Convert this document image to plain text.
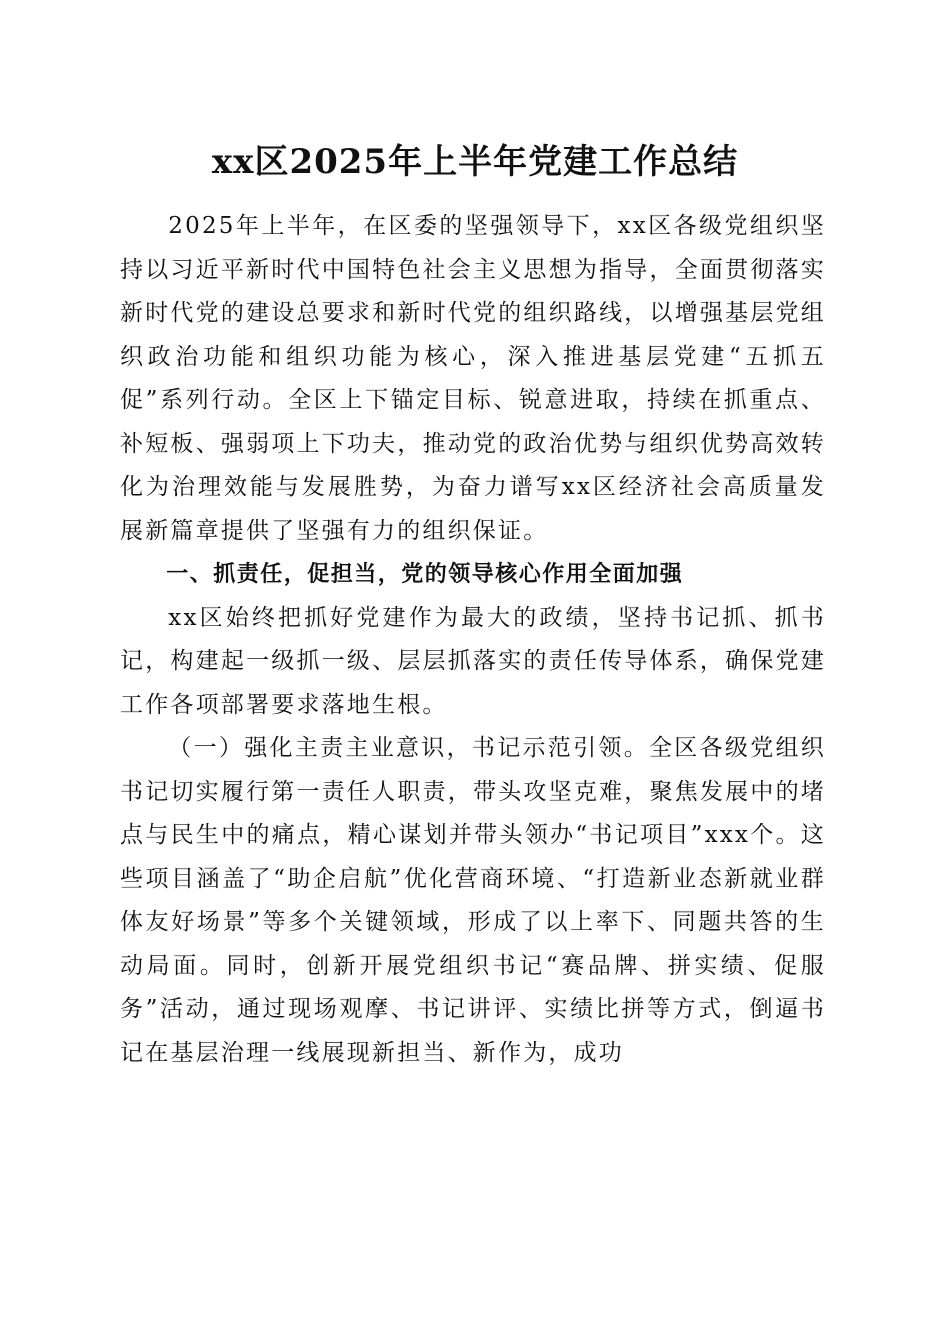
xx区2025年上半年党建工作总结

2025年上半年，在区委的坚强领导下，xx区各级党组织坚持以习近平新时代中国特色社会主义思想为指导，全面贯彻落实新时代党的建设总要求和新时代党的组织路线，以增强基层党组织政治功能和组织功能为核心，深入推进基层党建“五抓五促”系列行动。全区上下锚定目标、锐意进取，持续在抓重点、补短板、强弱项上下功夫，推动党的政治优势与组织优势高效转化为治理效能与发展胜势，为奋力谱写xx区经济社会高质量发展新篇章提供了坚强有力的组织保证。

一、抓责任，促担当，党的领导核心作用全面加强

xx区始终把抓好党建作为最大的政绩，坚持书记抓、抓书记，构建起一级抓一级、层层抓落实的责任传导体系，确保党建工作各项部署要求落地生根。

（一）强化主责主业意识，书记示范引领。全区各级党组织书记切实履行第一责任人职责，带头攻坚克难，聚焦发展中的堵点与民生中的痛点，精心谋划并带头领办“书记项目”xxx个。这些项目涵盖了“助企启航”优化营商环境、“打造新业态新就业群体友好场景”等多个关键领域，形成了以上率下、同题共答的生动局面。同时，创新开展党组织书记“赛品牌、拼实绩、促服务”活动，通过现场观摩、书记讲评、实绩比拼等方式，倒逼书记在基层治理一线展现新担当、新作为，成功
